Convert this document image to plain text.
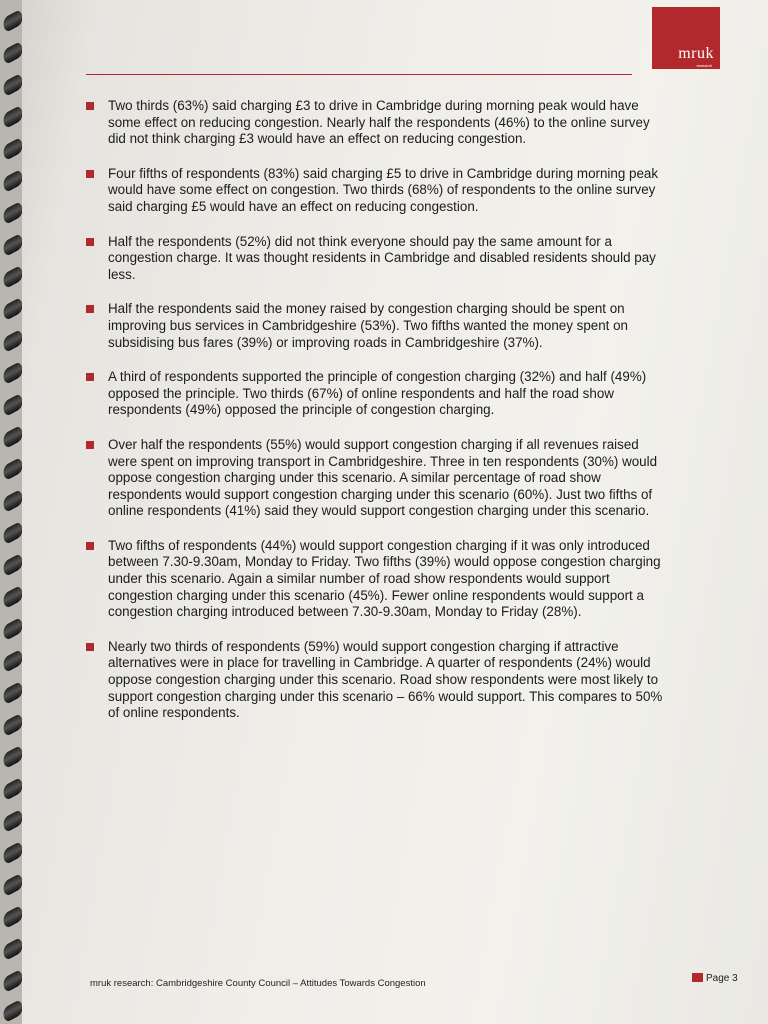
mruk
research
Two thirds (63%) said charging £3 to drive in Cambridge during morning peak would have some effect on reducing congestion. Nearly half the respondents (46%) to the online survey did not think charging £3 would have an effect on reducing congestion.
Four fifths of respondents (83%) said charging £5 to drive in Cambridge during morning peak would have some effect on congestion. Two thirds (68%) of respondents to the online survey said charging £5 would have an effect on reducing congestion.
Half the respondents (52%) did not think everyone should pay the same amount for a congestion charge. It was thought residents in Cambridge and disabled residents should pay less.
Half the respondents said the money raised by congestion charging should be spent on improving bus services in Cambridgeshire (53%). Two fifths wanted the money spent on subsidising bus fares (39%) or improving roads in Cambridgeshire (37%).
A third of respondents supported the principle of congestion charging (32%) and half (49%) opposed the principle. Two thirds (67%) of online respondents and half the road show respondents (49%) opposed the principle of congestion charging.
Over half the respondents (55%) would support congestion charging if all revenues raised were spent on improving transport in Cambridgeshire. Three in ten respondents (30%) would oppose congestion charging under this scenario. A similar percentage of road show respondents would support congestion charging under this scenario (60%). Just two fifths of online respondents (41%) said they would support congestion charging under this scenario.
Two fifths of respondents (44%) would support congestion charging if it was only introduced between 7.30-9.30am, Monday to Friday. Two fifths (39%) would oppose congestion charging under this scenario. Again a similar number of road show respondents would support congestion charging under this scenario (45%). Fewer online respondents would support a congestion charging introduced between 7.30-9.30am, Monday to Friday (28%).
Nearly two thirds of respondents (59%) would support congestion charging if attractive alternatives were in place for travelling in Cambridge. A quarter of respondents (24%) would oppose congestion charging under this scenario. Road show respondents were most likely to support congestion charging under this scenario – 66% would support. This compares to 50% of online respondents.
mruk research: Cambridgeshire County Council – Attitudes Towards Congestion	Page 3
